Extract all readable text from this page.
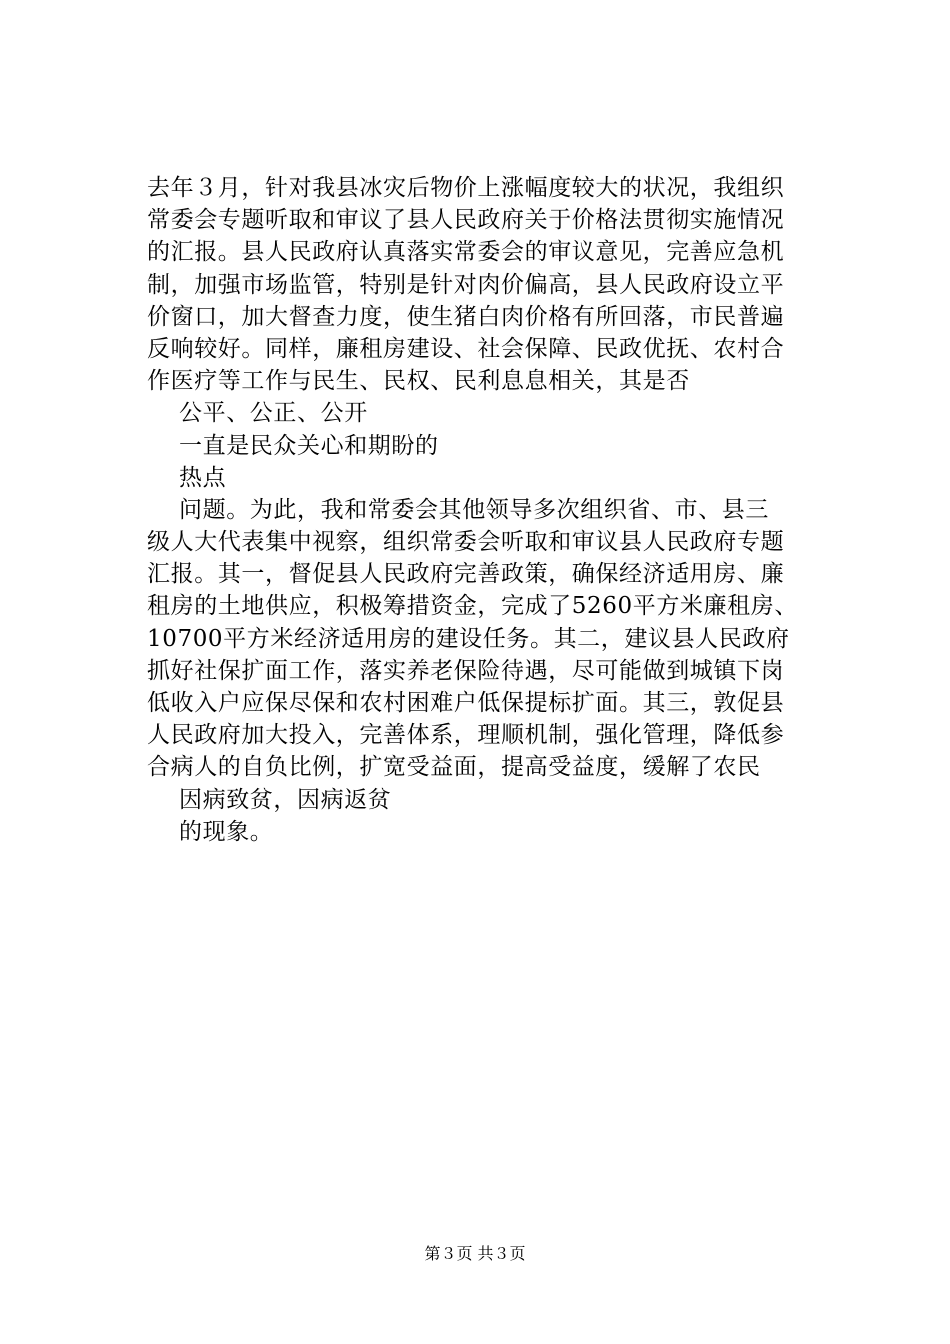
去年３月，针对我县冰灾后物价上涨幅度较大的状况，我组织
常委会专题听取和审议了县人民政府关于价格法贯彻实施情况
的汇报。县人民政府认真落实常委会的审议意见，完善应急机
制，加强市场监管，特别是针对肉价偏高，县人民政府设立平
价窗口，加大督查力度，使生猪白肉价格有所回落，市民普遍
反响较好。同样，廉租房建设、社会保障、民政优抚、农村合
作医疗等工作与民生、民权、民利息息相关，其是否
公平、公正、公开
一直是民众关心和期盼的
热点
问题。为此，我和常委会其他领导多次组织省、市、县三
级人大代表集中视察，组织常委会听取和审议县人民政府专题
汇报。其一，督促县人民政府完善政策，确保经济适用房、廉
租房的土地供应，积极筹措资金，完成了5260平方米廉租房、
10700平方米经济适用房的建设任务。其二，建议县人民政府
抓好社保扩面工作，落实养老保险待遇，尽可能做到城镇下岗
低收入户应保尽保和农村困难户低保提标扩面。其三，敦促县
人民政府加大投入，完善体系，理顺机制，强化管理，降低参
合病人的自负比例，扩宽受益面，提高受益度，缓解了农民
因病致贫，因病返贫
的现象。
第３页 共３页
